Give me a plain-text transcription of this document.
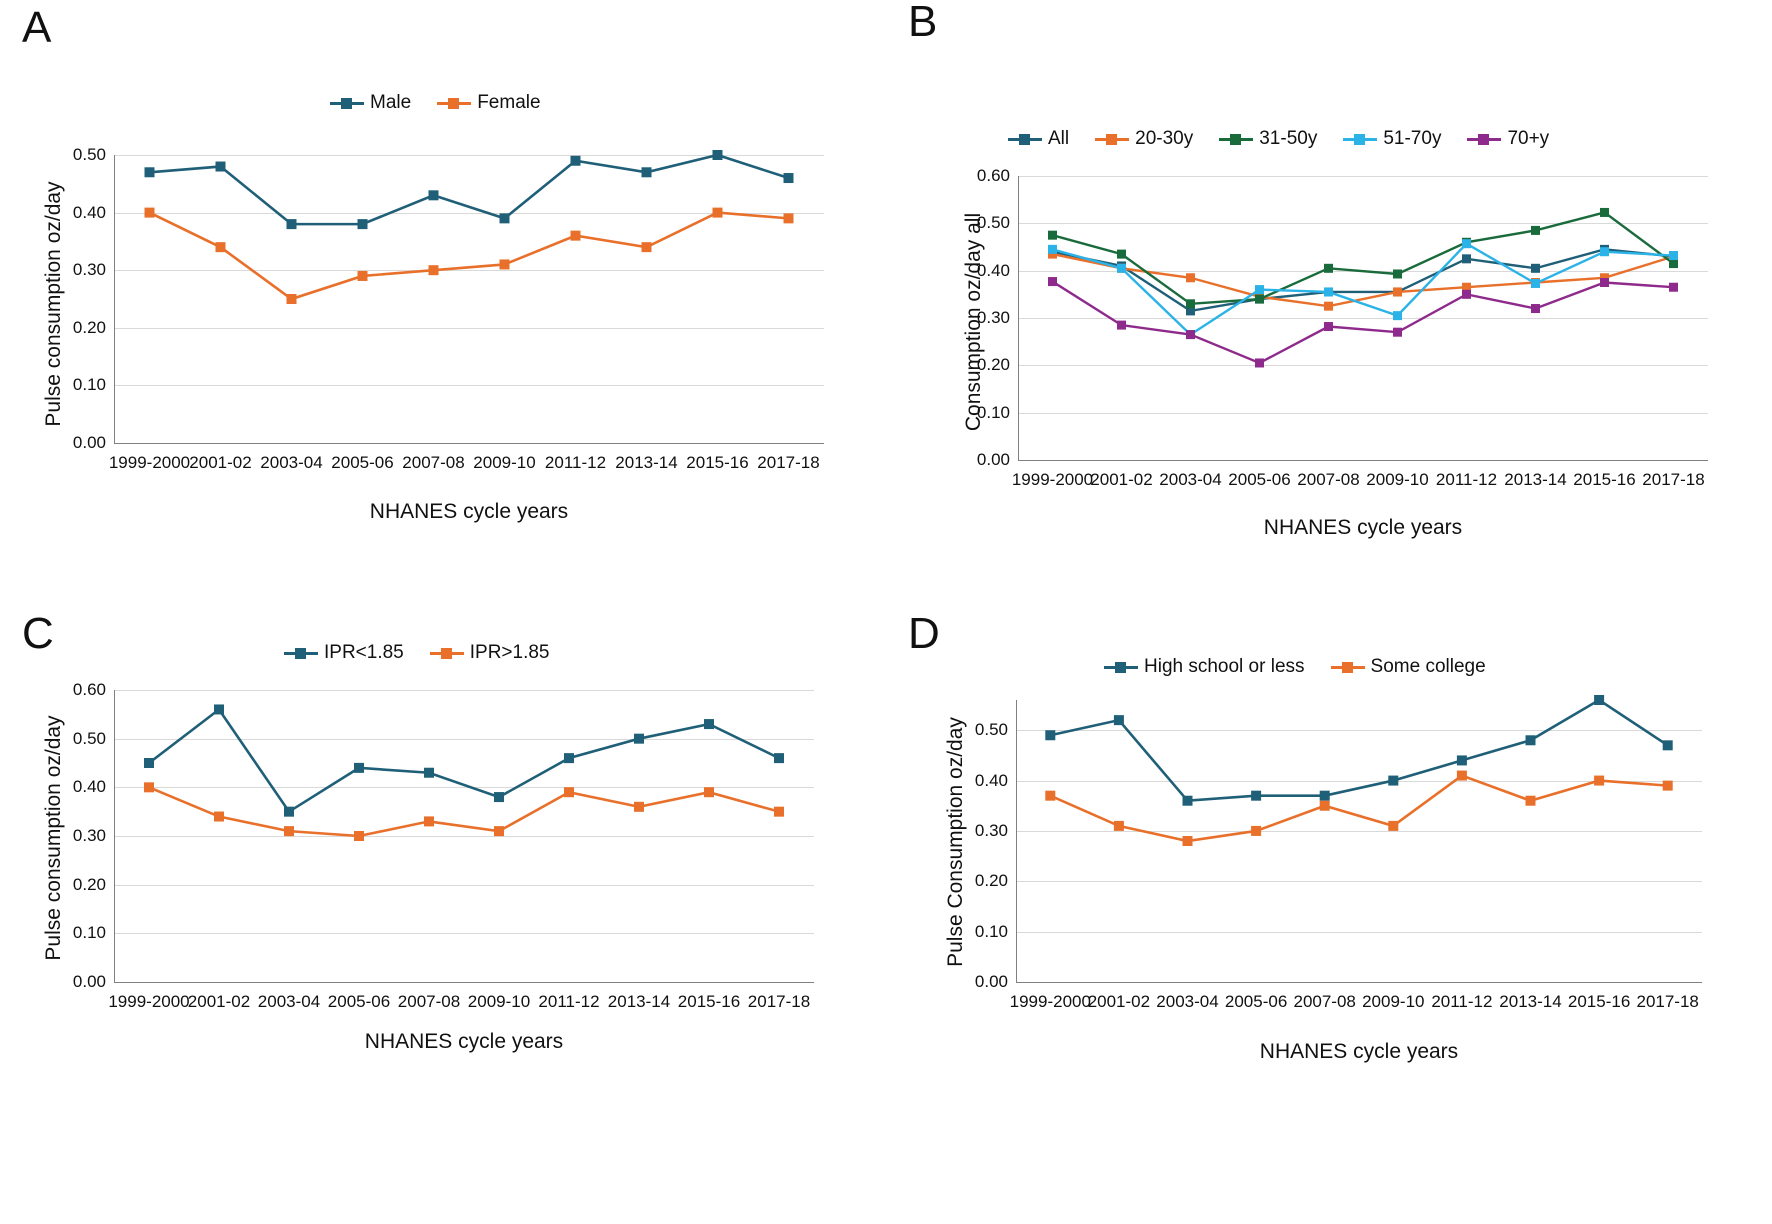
A
Male	Female
0.00
0.10
0.20
0.30
0.40
0.50
1999-2000 2001-02 2003-04 2005-06 2007-08 2009-10 2011-12 2013-14 2015-16 2017-18
NHANES cycle years
Pulse consumption oz/day
B
All	20-30y	31-50y	51-70y	70+y
0.00
0.10
0.20
0.30
0.40
0.50
0.60
1999-2000
2001-02 2003-04 2005-06 2007-08 2009-10 2011-12 2013-14 2015-16 2017-18
NHANES cycle years
Consumption oz/day all
C	IPR<1.85	IPR>1.85
0.00
0.10
0.20
0.30
0.40
0.50
0.60
1999-2000
2001-02 2003-04 2005-06 2007-08 2009-10 2011-12 2013-14 2015-16 2017-18
NHANES cycle years
Pulse consumption oz/day
D
High school or less	Some college
0.00
0.10
0.20
0.30
0.40
0.50
1999-2000
2001-02 2003-04 2005-06 2007-08 2009-10 2011-12 2013-14 2015-16 2017-18
NHANES cycle years
Pulse Consumption oz/day
